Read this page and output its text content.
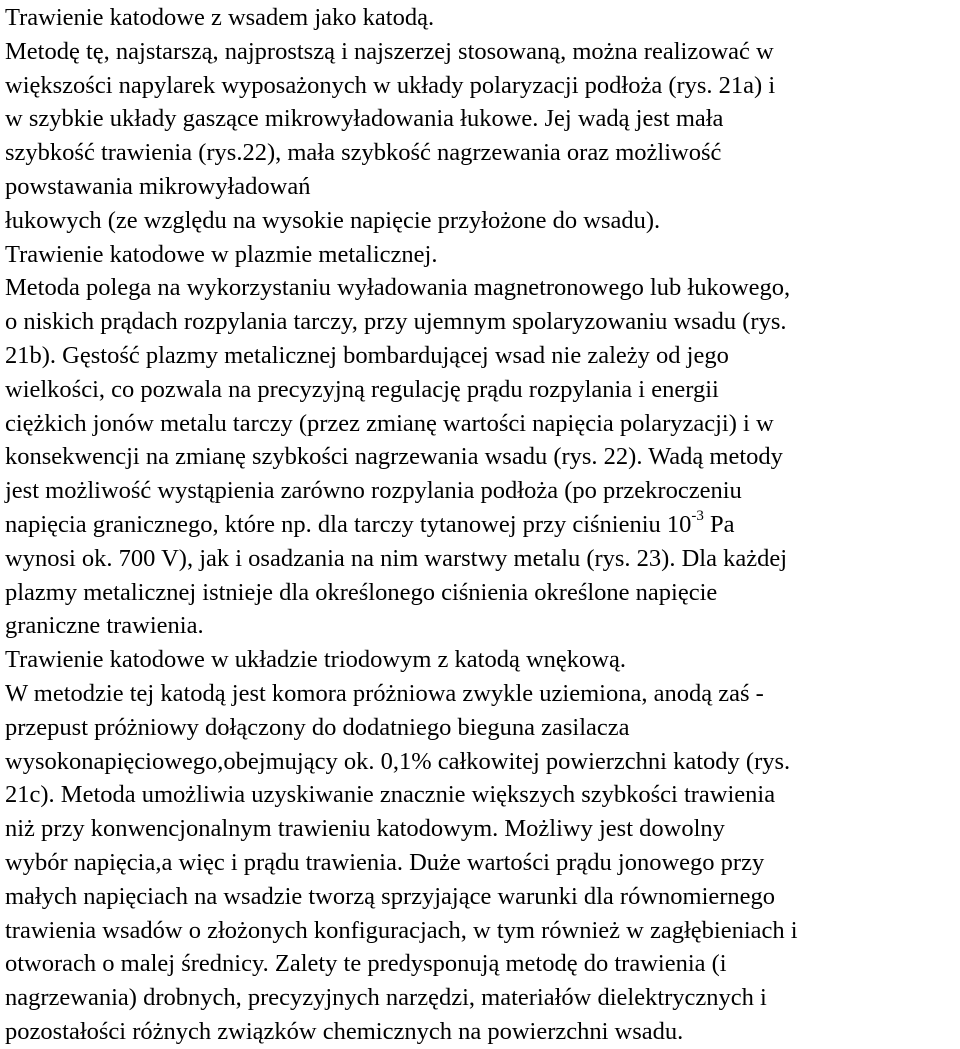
Trawienie katodowe z wsadem jako katodą.
Metodę tę, najstarszą, najprostszą i najszerzej stosowaną, można realizować w
większości napylarek wyposażonych w układy polaryzacji podłoża (rys. 21a) i
w szybkie układy gaszące mikrowyładowania łukowe. Jej wadą jest mała
szybkość trawienia (rys.22), mała szybkość nagrzewania oraz możliwość
powstawania mikrowyładowań
łukowych (ze względu na wysokie napięcie przyłożone do wsadu).
Trawienie katodowe w plazmie metalicznej.
Metoda polega na wykorzystaniu wyładowania magnetronowego lub łukowego,
o niskich prądach rozpylania tarczy, przy ujemnym spolaryzowaniu wsadu (rys.
21b). Gęstość plazmy metalicznej bombardującej wsad nie zależy od jego
wielkości, co pozwala na precyzyjną regulację prądu rozpylania i energii
ciężkich jonów metalu tarczy (przez zmianę wartości napięcia polaryzacji) i w
konsekwencji na zmianę szybkości nagrzewania wsadu (rys. 22). Wadą metody
jest możliwość wystąpienia zarówno rozpylania podłoża (po przekroczeniu
napięcia granicznego, które np. dla tarczy tytanowej przy ciśnieniu $10^{-3}$ Pa
wynosi ok. 700 V), jak i osadzania na nim warstwy metalu (rys. 23). Dla każdej
plazmy metalicznej istnieje dla określonego ciśnienia określone napięcie
graniczne trawienia.
Trawienie katodowe w układzie triodowym z katodą wnękową.
W metodzie tej katodą jest komora próżniowa zwykle uziemiona, anodą zaś -
przepust próżniowy dołączony do dodatniego bieguna zasilacza
wysokonapięciowego,obejmujący ok. 0,1% całkowitej powierzchni katody (rys.
21c). Metoda umożliwia uzyskiwanie znacznie większych szybkości trawienia
niż przy konwencjonalnym trawieniu katodowym. Możliwy jest dowolny
wybór napięcia,a więc i prądu trawienia. Duże wartości prądu jonowego przy
małych napięciach na wsadzie tworzą sprzyjające warunki dla równomiernego
trawienia wsadów o złożonych konfiguracjach, w tym również w zagłębieniach i
otworach o malej średnicy. Zalety te predysponują metodę do trawienia (i
nagrzewania) drobnych, precyzyjnych narzędzi, materiałów dielektrycznych i
pozostałości różnych związków chemicznych na powierzchni wsadu.
